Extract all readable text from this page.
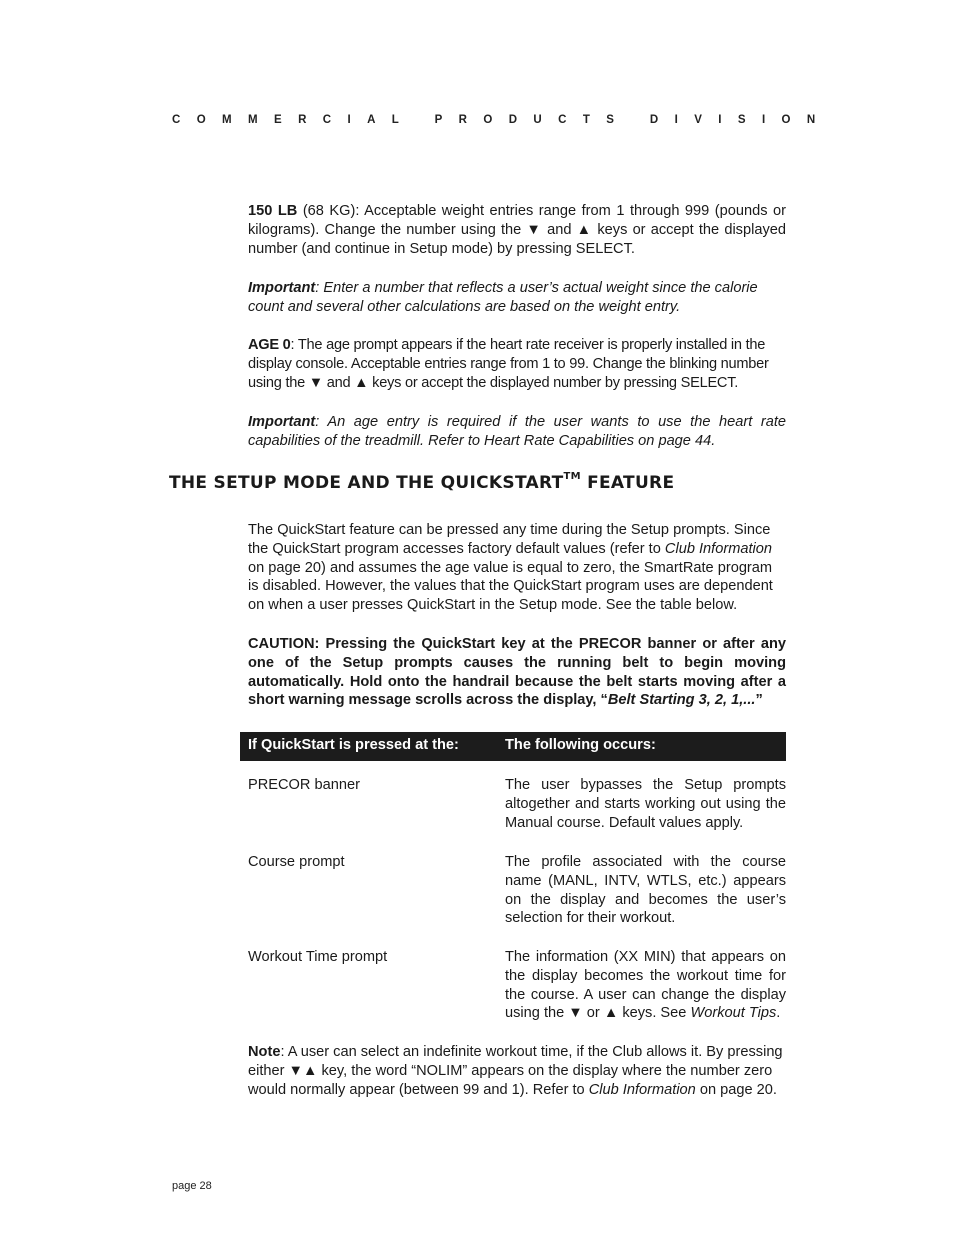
COMMERCIAL PRODUCTS DIVISION

150 LB (68 KG): Acceptable weight entries range from 1 through 999 (pounds or kilograms). Change the number using the ▼ and ▲ keys or accept the displayed number (and continue in Setup mode) by pressing SELECT.

Important: Enter a number that reflects a user’s actual weight since the calorie count and several other calculations are based on the weight entry.

AGE 0: The age prompt appears if the heart rate receiver is properly installed in the display console. Acceptable entries range from 1 to 99. Change the blinking number using the ▼ and ▲ keys or accept the displayed number by pressing SELECT.

Important: An age entry is required if the user wants to use the heart rate capabilities of the treadmill. Refer to Heart Rate Capabilities on page 44.

THE SETUP MODE AND THE QUICKSTART™ FEATURE

The QuickStart feature can be pressed any time during the Setup prompts. Since the QuickStart program accesses factory default values (refer to Club Information on page 20) and assumes the age value is equal to zero, the SmartRate program is disabled. However, the values that the QuickStart program uses are dependent on when a user presses QuickStart in the Setup mode. See the table below.

CAUTION: Pressing the QuickStart key at the PRECOR banner or after any one of the Setup prompts causes the running belt to begin moving automatically. Hold onto the handrail because the belt starts moving after a short warning message scrolls across the display, “Belt Starting 3, 2, 1,...”

If QuickStart is pressed at the:	The following occurs:
PRECOR banner	The user bypasses the Setup prompts altogether and starts working out using the Manual course. Default values apply.
Course prompt	The profile associated with the course name (MANL, INTV, WTLS, etc.) appears on the display and becomes the user’s selection for their workout.
Workout Time prompt	The information (XX MIN) that appears on the display becomes the workout time for the course. A user can change the display using the ▼ or ▲ keys. See Workout Tips.

Note: A user can select an indefinite workout time, if the Club allows it. By pressing either ▼▲ key, the word “NOLIM” appears on the display where the number zero would normally appear (between 99 and 1). Refer to Club Information on page 20.

page 28
